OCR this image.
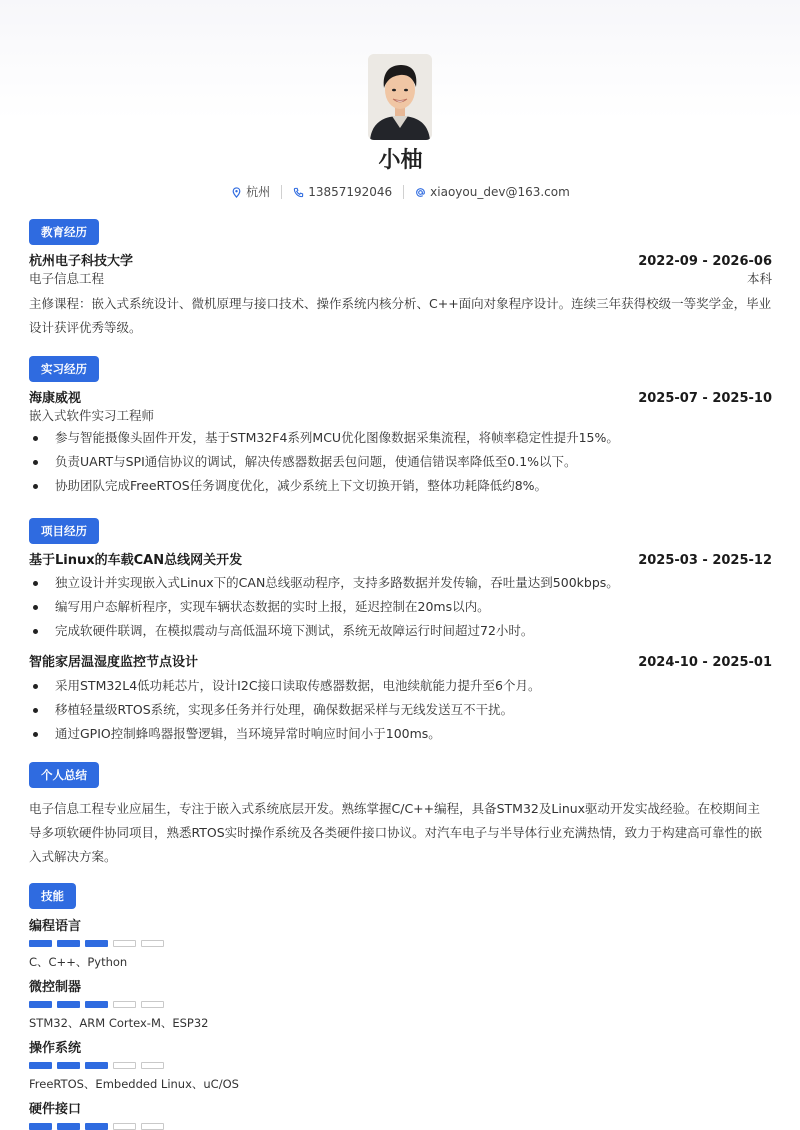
小柚
杭州	13857192046	xiaoyou_dev@163.com
教育经历
杭州电子科技大学	2022-09 - 2026-06
电子信息工程	本科
主修课程：嵌入式系统设计、微机原理与接口技术、操作系统内核分析、C++面向对象程序设计。连续三年获得校级一等奖学金，毕业设计获评优秀等级。
实习经历
海康威视	2025-07 - 2025-10
嵌入式软件实习工程师
参与智能摄像头固件开发，基于STM32F4系列MCU优化图像数据采集流程，将帧率稳定性提升15%。
负责UART与SPI通信协议的调试，解决传感器数据丢包问题，使通信错误率降低至0.1%以下。
协助团队完成FreeRTOS任务调度优化，减少系统上下文切换开销，整体功耗降低约8%。
项目经历
基于Linux的车载CAN总线网关开发	2025-03 - 2025-12
独立设计并实现嵌入式Linux下的CAN总线驱动程序，支持多路数据并发传输，吞吐量达到500kbps。
编写用户态解析程序，实现车辆状态数据的实时上报，延迟控制在20ms以内。
完成软硬件联调，在模拟震动与高低温环境下测试，系统无故障运行时间超过72小时。
智能家居温湿度监控节点设计	2024-10 - 2025-01
采用STM32L4低功耗芯片，设计I2C接口读取传感器数据，电池续航能力提升至6个月。
移植轻量级RTOS系统，实现多任务并行处理，确保数据采样与无线发送互不干扰。
通过GPIO控制蜂鸣器报警逻辑，当环境异常时响应时间小于100ms。
个人总结
电子信息工程专业应届生，专注于嵌入式系统底层开发。熟练掌握C/C++编程，具备STM32及Linux驱动开发实战经验。在校期间主导多项软硬件协同项目，熟悉RTOS实时操作系统及各类硬件接口协议。对汽车电子与半导体行业充满热情，致力于构建高可靠性的嵌入式解决方案。
技能
编程语言
C、C++、Python
微控制器
STM32、ARM Cortex-M、ESP32
操作系统
FreeRTOS、Embedded Linux、uC/OS
硬件接口
